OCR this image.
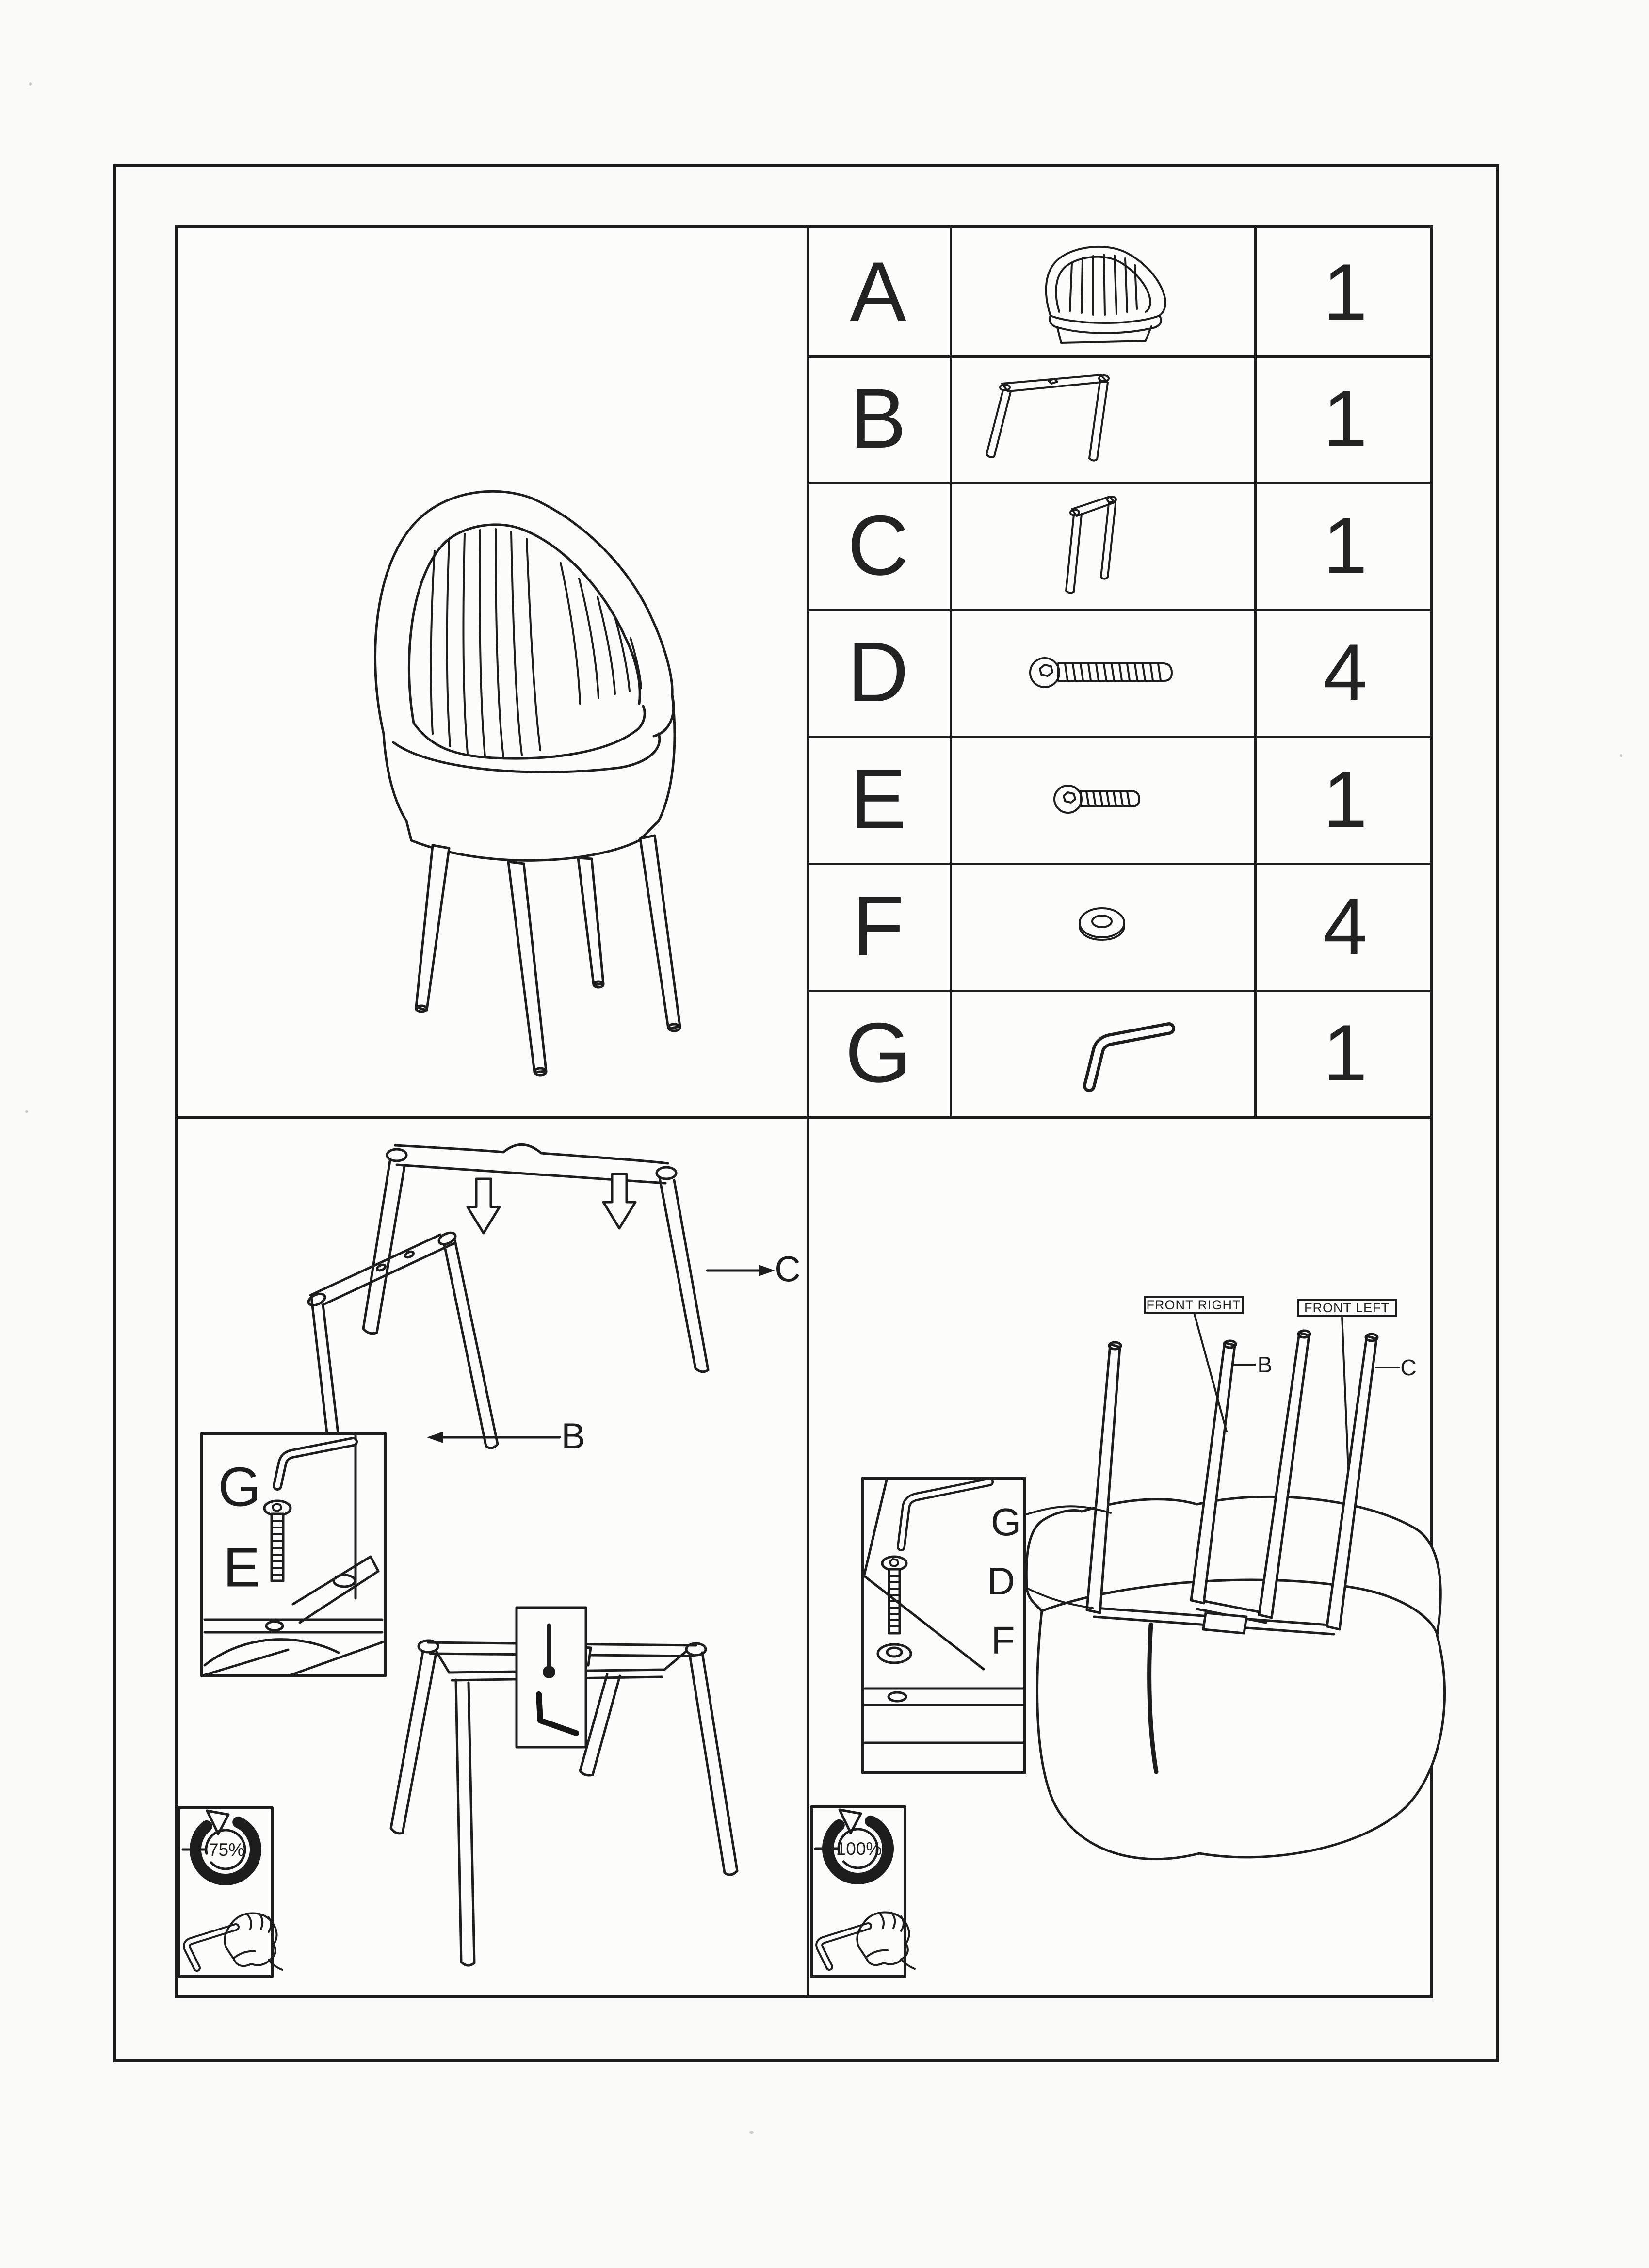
A
B
C
D
E
F
G
1
1
1
4
1
4
1
C
B
G
E
75%
FRONT RIGHT	FRONT LEFT
B	C
G
D
F
100%
